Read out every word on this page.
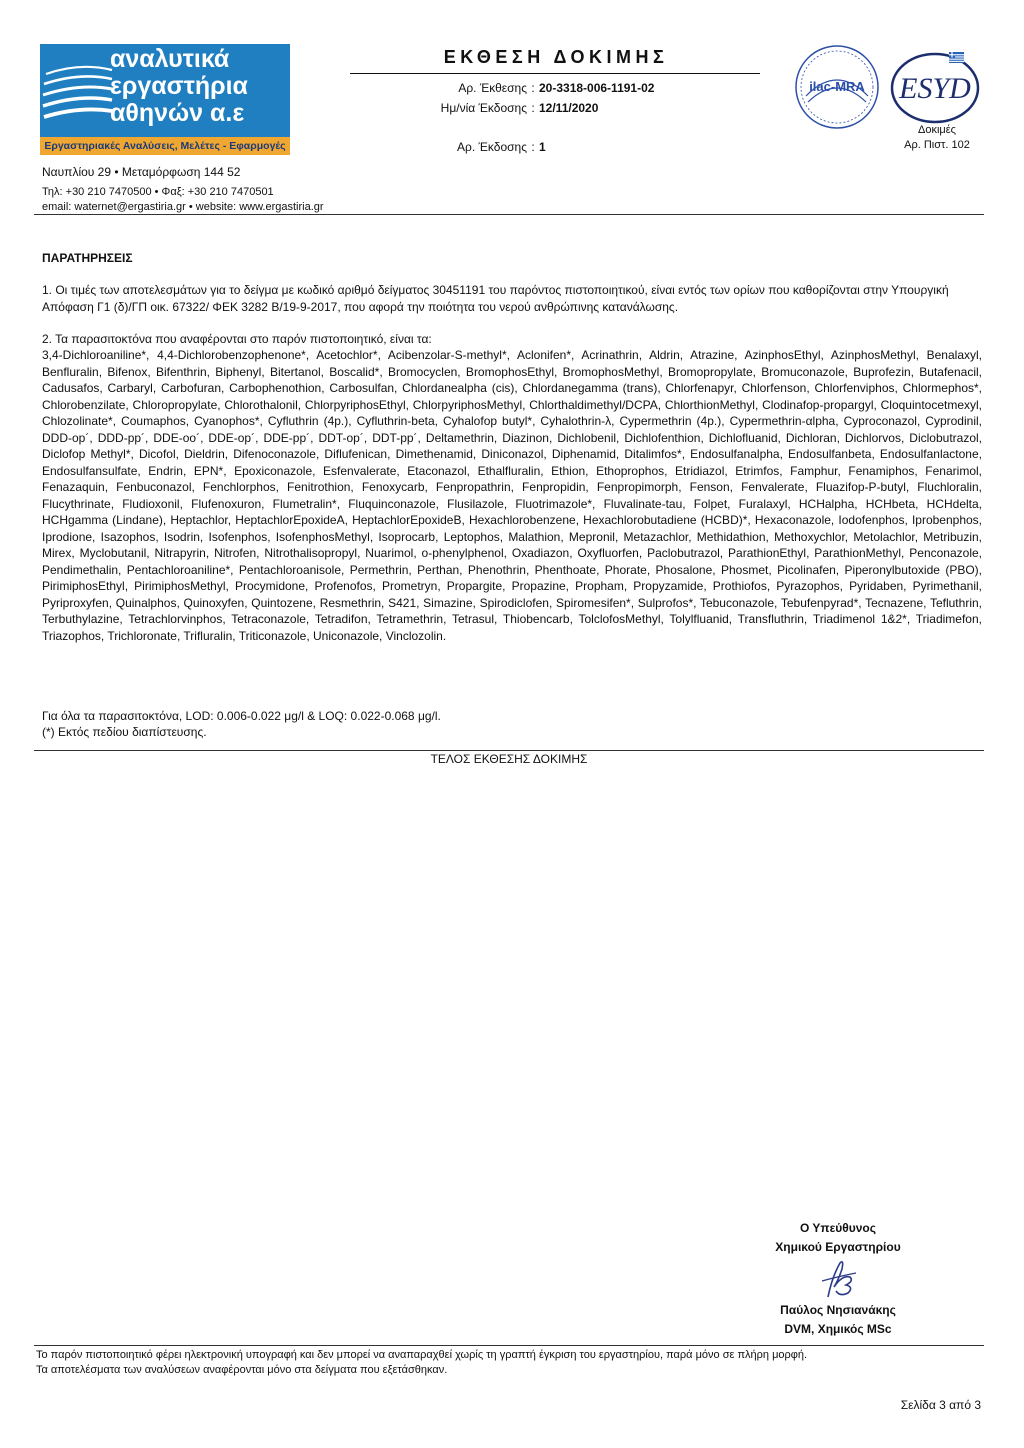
αναλυτικά
εργαστήρια
αθηνών α.ε
Εργαστηριακές Αναλύσεις, Μελέτες - Εφαρμογές
Ναυπλίου 29 • Μεταμόρφωση 144 52
Τηλ: +30 210 7470500 • Φαξ: +30 210 7470501
email: waternet@ergastiria.gr • website: www.ergastiria.gr
ΕΚΘΕΣΗ ΔΟΚΙΜΗΣ
Αρ. Έκθεσης : 20-3318-006-1191-02
Ημ/νία Έκδοσης : 12/11/2020
Αρ. Έκδοσης : 1
ilac-MRA ESYD
Δοκιμές
Αρ. Πιστ. 102
ΠΑΡΑΤΗΡΗΣΕΙΣ
1. Οι τιμές των αποτελεσμάτων για το δείγμα με κωδικό αριθμό δείγματος 30451191 του παρόντος πιστοποιητικού, είναι εντός των ορίων που καθορίζονται στην Υπουργική Απόφαση Γ1 (δ)/ΓΠ οικ. 67322/ ΦΕΚ 3282 Β/19-9-2017, που αφορά την ποιότητα του νερού ανθρώπινης κατανάλωσης.
2. Τα παρασιτοκτόνα που αναφέρονται στο παρόν πιστοποιητικό, είναι τα:
3,4-Dichloroaniline*, 4,4-Dichlorobenzophenone*, Acetochlor*, Acibenzolar-S-methyl*, Aclonifen*, Acrinathrin, Aldrin, Atrazine, AzinphosEthyl, AzinphosMethyl, Benalaxyl, Benfluralin, Bifenox, Bifenthrin, Biphenyl, Bitertanol, Boscalid*, Bromocyclen, BromophosEthyl, BromophosMethyl, Bromopropylate, Bromuconazole, Buprofezin, Butafenacil, Cadusafos, Carbaryl, Carbofuran, Carbophenothion, Carbosulfan, Chlordanealpha (cis), Chlordanegamma (trans), Chlorfenapyr, Chlorfenson, Chlorfenviphos, Chlormephos*, Chlorobenzilate, Chloropropylate, Chlorothalonil, ChlorpyriphosEthyl, ChlorpyriphosMethyl, Chlorthaldimethyl/DCPA, ChlorthionMethyl, Clodinafop-propargyl, Cloquintocetmexyl, Chlozolinate*, Coumaphos, Cyanophos*, Cyfluthrin (4p.), Cyfluthrin-beta, Cyhalofop butyl*, Cyhalothrin-λ, Cypermethrin (4p.), Cypermethrin-αlpha, Cyproconazol, Cyprodinil, DDD-op´, DDD-pp´, DDE-oo´, DDE-op´, DDE-pp´, DDT-op´, DDT-pp´, Deltamethrin, Diazinon, Dichlobenil, Dichlofenthion, Dichlofluanid, Dichloran, Dichlorvos, Diclobutrazol, Diclofop Methyl*, Dicofol, Dieldrin, Difenoconazole, Diflufenican, Dimethenamid, Diniconazol, Diphenamid, Ditalimfos*, Endosulfanalpha, Endosulfanbeta, Endosulfanlactone, Endosulfansulfate, Endrin, EPN*, Epoxiconazole, Esfenvalerate, Etaconazol, Ethalfluralin, Ethion, Ethoprophos, Etridiazol, Etrimfos, Famphur, Fenamiphos, Fenarimol, Fenazaquin, Fenbuconazol, Fenchlorphos, Fenitrothion, Fenoxycarb, Fenpropathrin, Fenpropidin, Fenpropimorph, Fenson, Fenvalerate, Fluazifop-P-butyl, Fluchloralin, Flucythrinate, Fludioxonil, Flufenoxuron, Flumetralin*, Fluquinconazole, Flusilazole, Fluotrimazole*, Fluvalinate-tau, Folpet, Furalaxyl, HCHalpha, HCHbeta, HCHdelta, HCHgamma (Lindane), Heptachlor, HeptachlorEpoxideA, HeptachlorEpoxideB, Hexachlorobenzene, Hexachlorobutadiene (HCBD)*, Hexaconazole, Iodofenphos, Iprobenphos, Iprodione, Isazophos, Isodrin, Isofenphos, IsofenphosMethyl, Isoprocarb, Leptophos, Malathion, Mepronil, Metazachlor, Methidathion, Methoxychlor, Metolachlor, Metribuzin, Mirex, Myclobutanil, Nitrapyrin, Nitrofen, Nitrothalisopropyl, Nuarimol, o-phenylphenol, Oxadiazon, Oxyfluorfen, Paclobutrazol, ParathionEthyl, ParathionMethyl, Penconazole, Pendimethalin, Pentachloroaniline*, Pentachloroanisole, Permethrin, Perthan, Phenothrin, Phenthoate, Phorate, Phosalone, Phosmet, Picolinafen, Piperonylbutoxide (PBO), PirimiphosEthyl, PirimiphosMethyl, Procymidone, Profenofos, Prometryn, Propargite, Propazine, Propham, Propyzamide, Prothiofos, Pyrazophos, Pyridaben, Pyrimethanil, Pyriproxyfen, Quinalphos, Quinoxyfen, Quintozene, Resmethrin, S421, Simazine, Spirodiclofen, Spiromesifen*, Sulprofos*, Tebuconazole, Tebufenpyrad*, Tecnazene, Tefluthrin, Terbuthylazine, Tetrachlorvinphos, Tetraconazole, Tetradifon, Tetramethrin, Tetrasul, Thiobencarb, TolclofosMethyl, Tolylfluanid, Transfluthrin, Triadimenol 1&2*, Triadimefon, Triazophos, Trichloronate, Trifluralin, Triticonazole, Uniconazole, Vinclozolin.
Για όλα τα παρασιτοκτόνα, LOD: 0.006-0.022 μg/l & LOQ: 0.022-0.068 μg/l.
(*) Εκτός πεδίου διαπίστευσης.
ΤΕΛΟΣ ΕΚΘΕΣΗΣ ΔΟΚΙΜΗΣ
Ο Υπεύθυνος
Χημικού Εργαστηρίου
Παύλος Νησιανάκης
DVM, Χημικός MSc
Το παρόν πιστοποιητικό φέρει ηλεκτρονική υπογραφή και δεν μπορεί να αναπαραχθεί χωρίς τη γραπτή έγκριση του εργαστηρίου, παρά μόνο σε πλήρη μορφή.
Τα αποτελέσματα των αναλύσεων αναφέρονται μόνο στα δείγματα που εξετάσθηκαν.
Σελίδα 3 από 3
